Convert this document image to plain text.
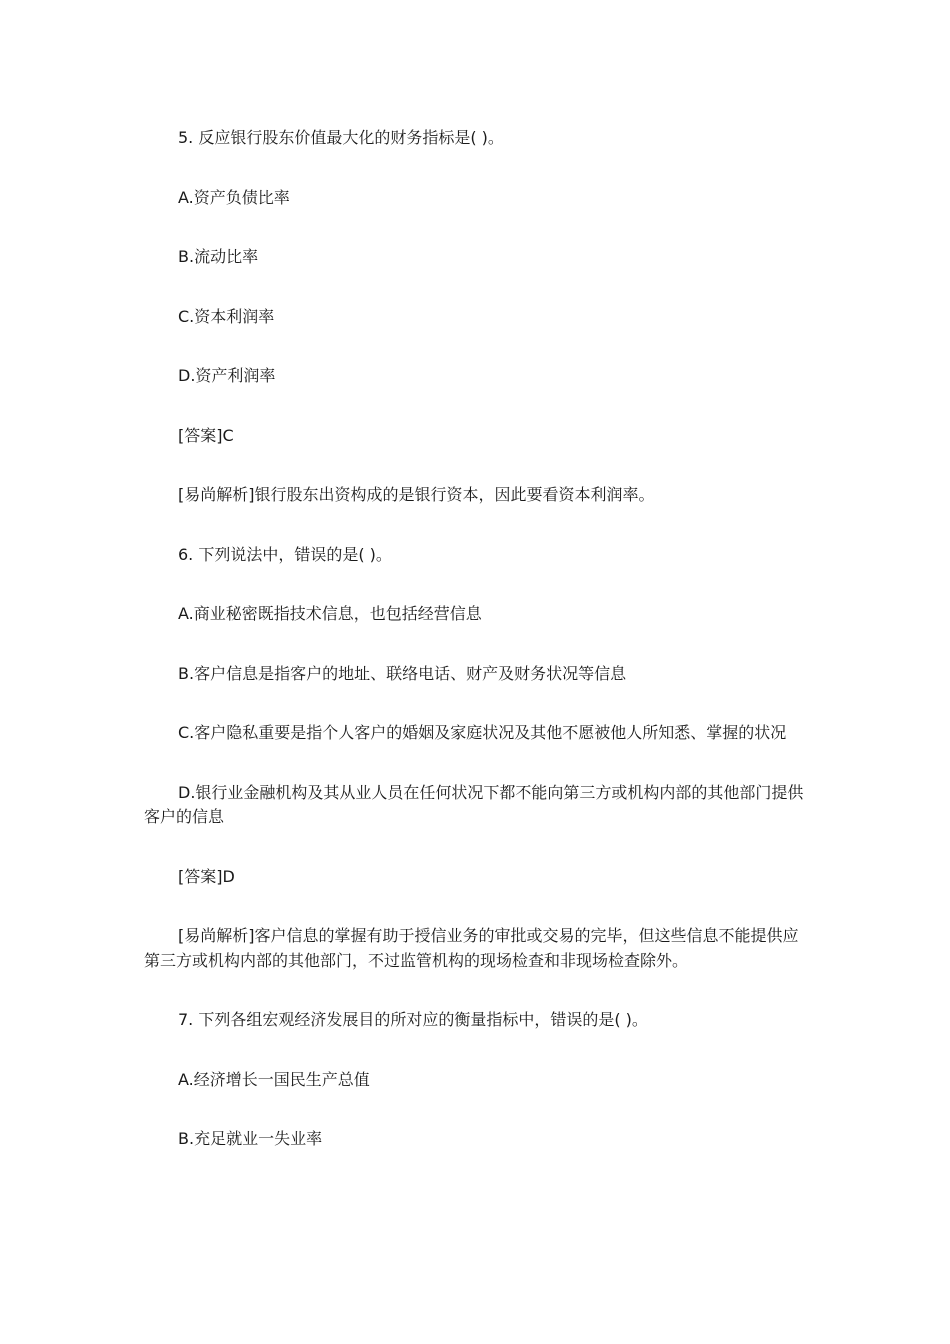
5. 反应银行股东价值最大化的财务指标是( )。

A.资产负债比率

B.流动比率

C.资本利润率

D.资产利润率

[答案]C

[易尚解析]银行股东出资构成的是银行资本，因此要看资本利润率。

6. 下列说法中，错误的是( )。

A.商业秘密既指技术信息，也包括经营信息

B.客户信息是指客户的地址、联络电话、财产及财务状况等信息

C.客户隐私重要是指个人客户的婚姻及家庭状况及其他不愿被他人所知悉、掌握的状况

D.银行业金融机构及其从业人员在任何状况下都不能向第三方或机构内部的其他部门提供客户的信息

[答案]D

[易尚解析]客户信息的掌握有助于授信业务的审批或交易的完毕，但这些信息不能提供应第三方或机构内部的其他部门，不过监管机构的现场检查和非现场检查除外。

7. 下列各组宏观经济发展目的所对应的衡量指标中，错误的是( )。

A.经济增长一国民生产总值

B.充足就业一失业率
